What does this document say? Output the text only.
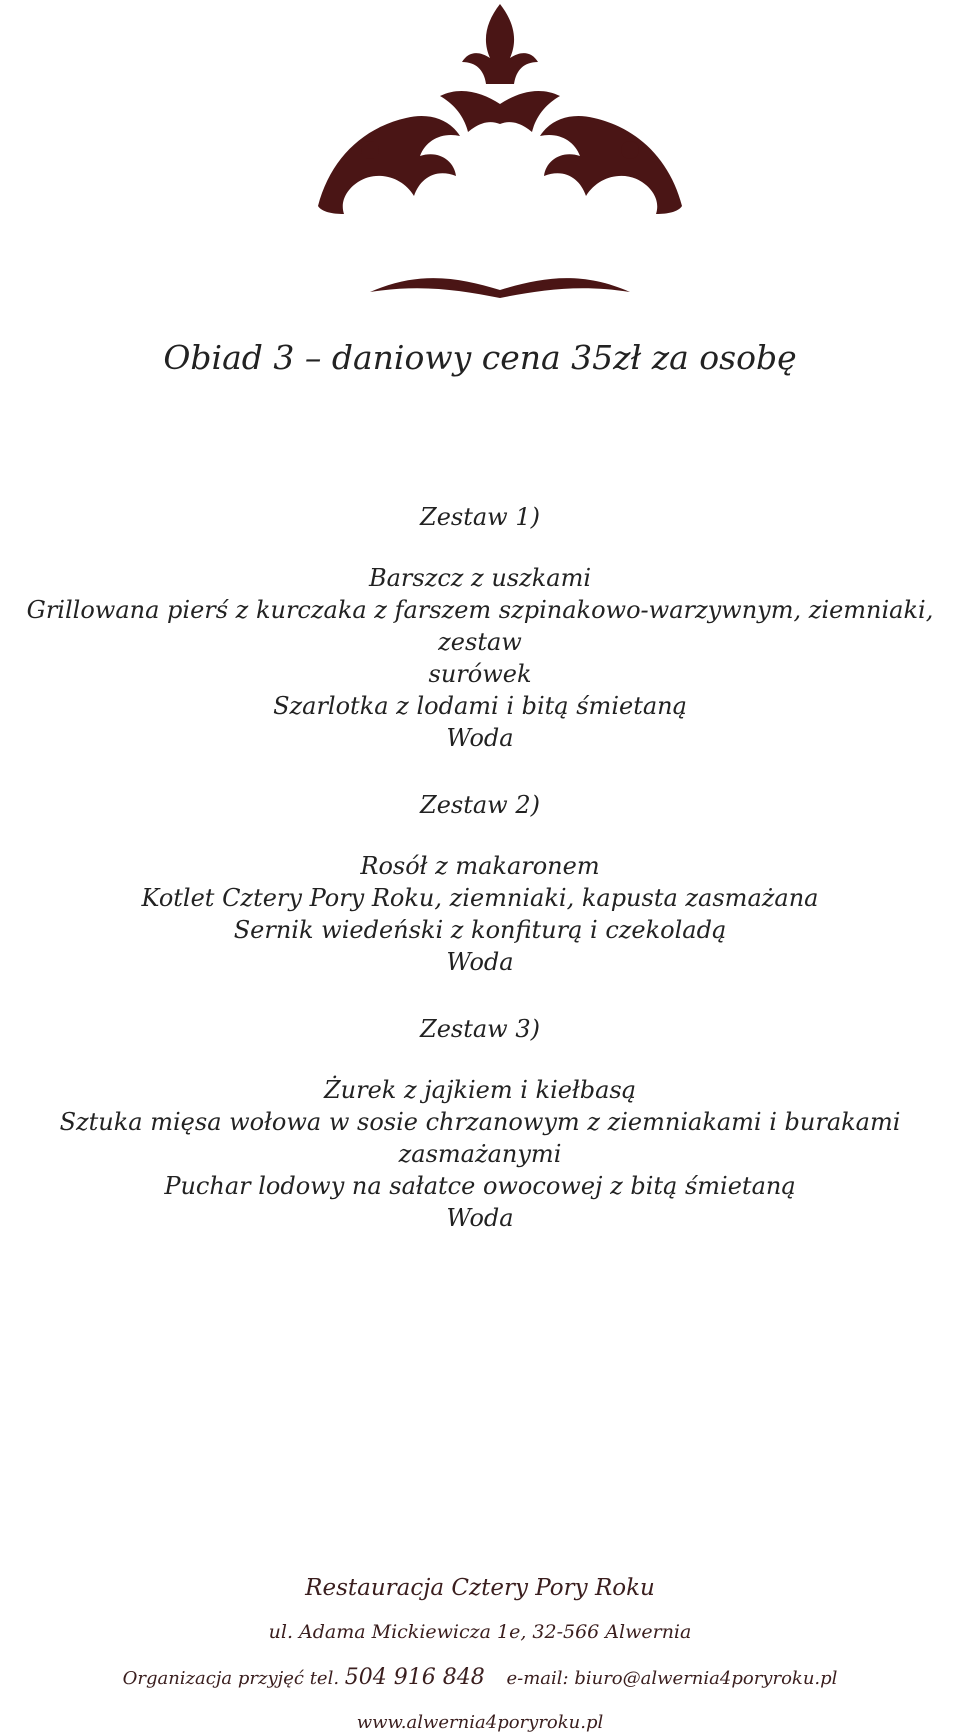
Obiad 3 – daniowy cena 35zł za osobę
Zestaw 1)
Barszcz z uszkami
Grillowana pierś z kurczaka z farszem szpinakowo-warzywnym, ziemniaki, zestaw
surówek
Szarlotka z lodami i bitą śmietaną
Woda
Zestaw 2)
Rosół z makaronem
Kotlet Cztery Pory Roku, ziemniaki, kapusta zasmażana
Sernik wiedeński z konfiturą i czekoladą
Woda
Zestaw 3)
Żurek z jajkiem i kiełbasą
Sztuka mięsa wołowa w sosie chrzanowym z ziemniakami i burakami zasmażanymi
Puchar lodowy na sałatce owocowej z bitą śmietaną
Woda
Restauracja Cztery Pory Roku
ul. Adama Mickiewicza 1e, 32-566 Alwernia
Organizacja przyjęć tel. 504 916 848 e-mail: biuro@alwernia4poryroku.pl
www.alwernia4poryroku.pl
